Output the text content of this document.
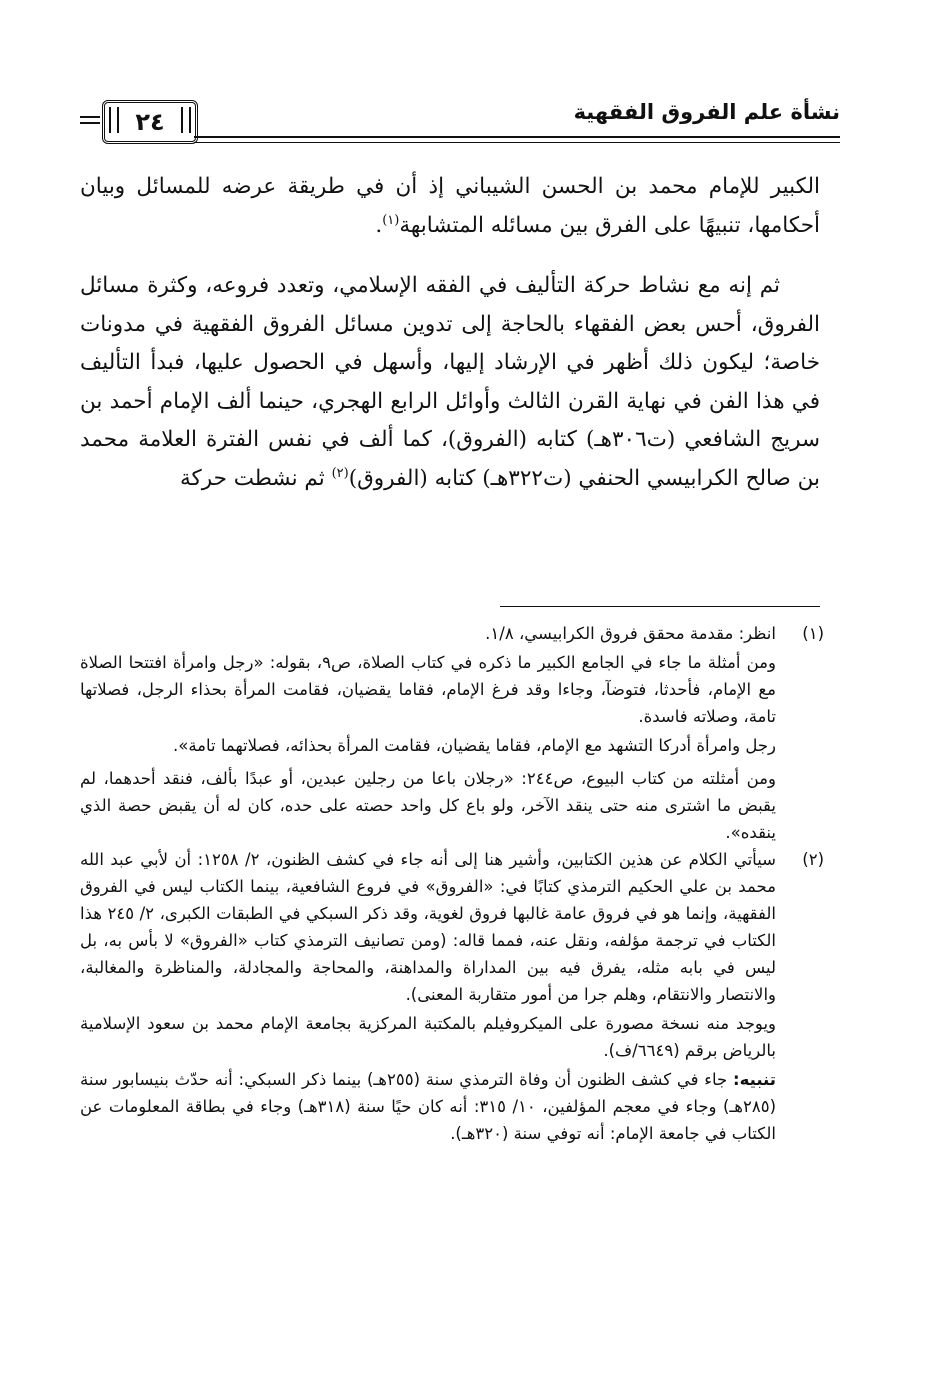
٢٤	نشأة علم الفروق الفقهية

الكبير للإمام محمد بن الحسن الشيباني إذ أن في طريقة عرضه للمسائل وبيان أحكامها، تنبيهًا على الفرق بين مسائله المتشابهة$^{(١)}$.

ثم إنه مع نشاط حركة التأليف في الفقه الإسلامي، وتعدد فروعه، وكثرة مسائل الفروق، أحس بعض الفقهاء بالحاجة إلى تدوين مسائل الفروق الفقهية في مدونات خاصة؛ ليكون ذلك أظهر في الإرشاد إليها، وأسهل في الحصول عليها، فبدأ التأليف في هذا الفن في نهاية القرن الثالث وأوائل الرابع الهجري، حينما ألف الإمام أحمد بن سريج الشافعي (ت٣٠٦هـ) كتابه (الفروق)، كما ألف في نفس الفترة العلامة محمد بن صالح الكرابيسي الحنفي (ت٣٢٢هـ) كتابه (الفروق)$^{(٢)}$ ثم نشطت حركة

(١)

انظر: مقدمة محقق فروق الكرابيسي، ١/٨.

ومن أمثلة ما جاء في الجامع الكبير ما ذكره في كتاب الصلاة، ص٩، بقوله: «رجل وامرأة افتتحا الصلاة مع الإمام، فأحدثا، فتوضآ، وجاءا وقد فرغ الإمام، فقاما يقضيان، فقامت المرأة بحذاء الرجل، فصلاتها تامة، وصلاته فاسدة.

رجل وامرأة أدركا التشهد مع الإمام، فقاما يقضيان، فقامت المرأة بحذائه، فصلاتهما تامة».

ومن أمثلته من كتاب البيوع، ص٢٤٤: «رجلان باعا من رجلين عبدين، أو عبدًا بألف، فنقد أحدهما، لم يقبض ما اشترى منه حتى ينقد الآخر، ولو باع كل واحد حصته على حده، كان له أن يقبض حصة الذي ينقده».

(٢)

سيأتي الكلام عن هذين الكتابين، وأشير هنا إلى أنه جاء في كشف الظنون، ٢/ ١٢٥٨: أن لأبي عبد الله محمد بن علي الحكيم الترمذي كتابًا في: «الفروق» في فروع الشافعية، بينما الكتاب ليس في الفروق الفقهية، وإنما هو في فروق عامة غالبها فروق لغوية، وقد ذكر السبكي في الطبقات الكبرى، ٢/ ٢٤٥ هذا الكتاب في ترجمة مؤلفه، ونقل عنه، فمما قاله: (ومن تصانيف الترمذي كتاب «الفروق» لا بأس به، بل ليس في بابه مثله، يفرق فيه بين المداراة والمداهنة، والمحاجة والمجادلة، والمناظرة والمغالبة، والانتصار والانتقام، وهلم جرا من أمور متقاربة المعنى).

ويوجد منه نسخة مصورة على الميكروفيلم بالمكتبة المركزية بجامعة الإمام محمد بن سعود الإسلامية بالرياض برقم (٦٦٤٩/ف).

تنبيه: جاء في كشف الظنون أن وفاة الترمذي سنة (٢٥٥هـ) بينما ذكر السبكي: أنه حدّث بنيسابور سنة (٢٨٥هـ) وجاء في معجم المؤلفين، ١٠/ ٣١٥: أنه كان حيًا سنة (٣١٨هـ) وجاء في بطاقة المعلومات عن الكتاب في جامعة الإمام: أنه توفي سنة (٣٢٠هـ).
